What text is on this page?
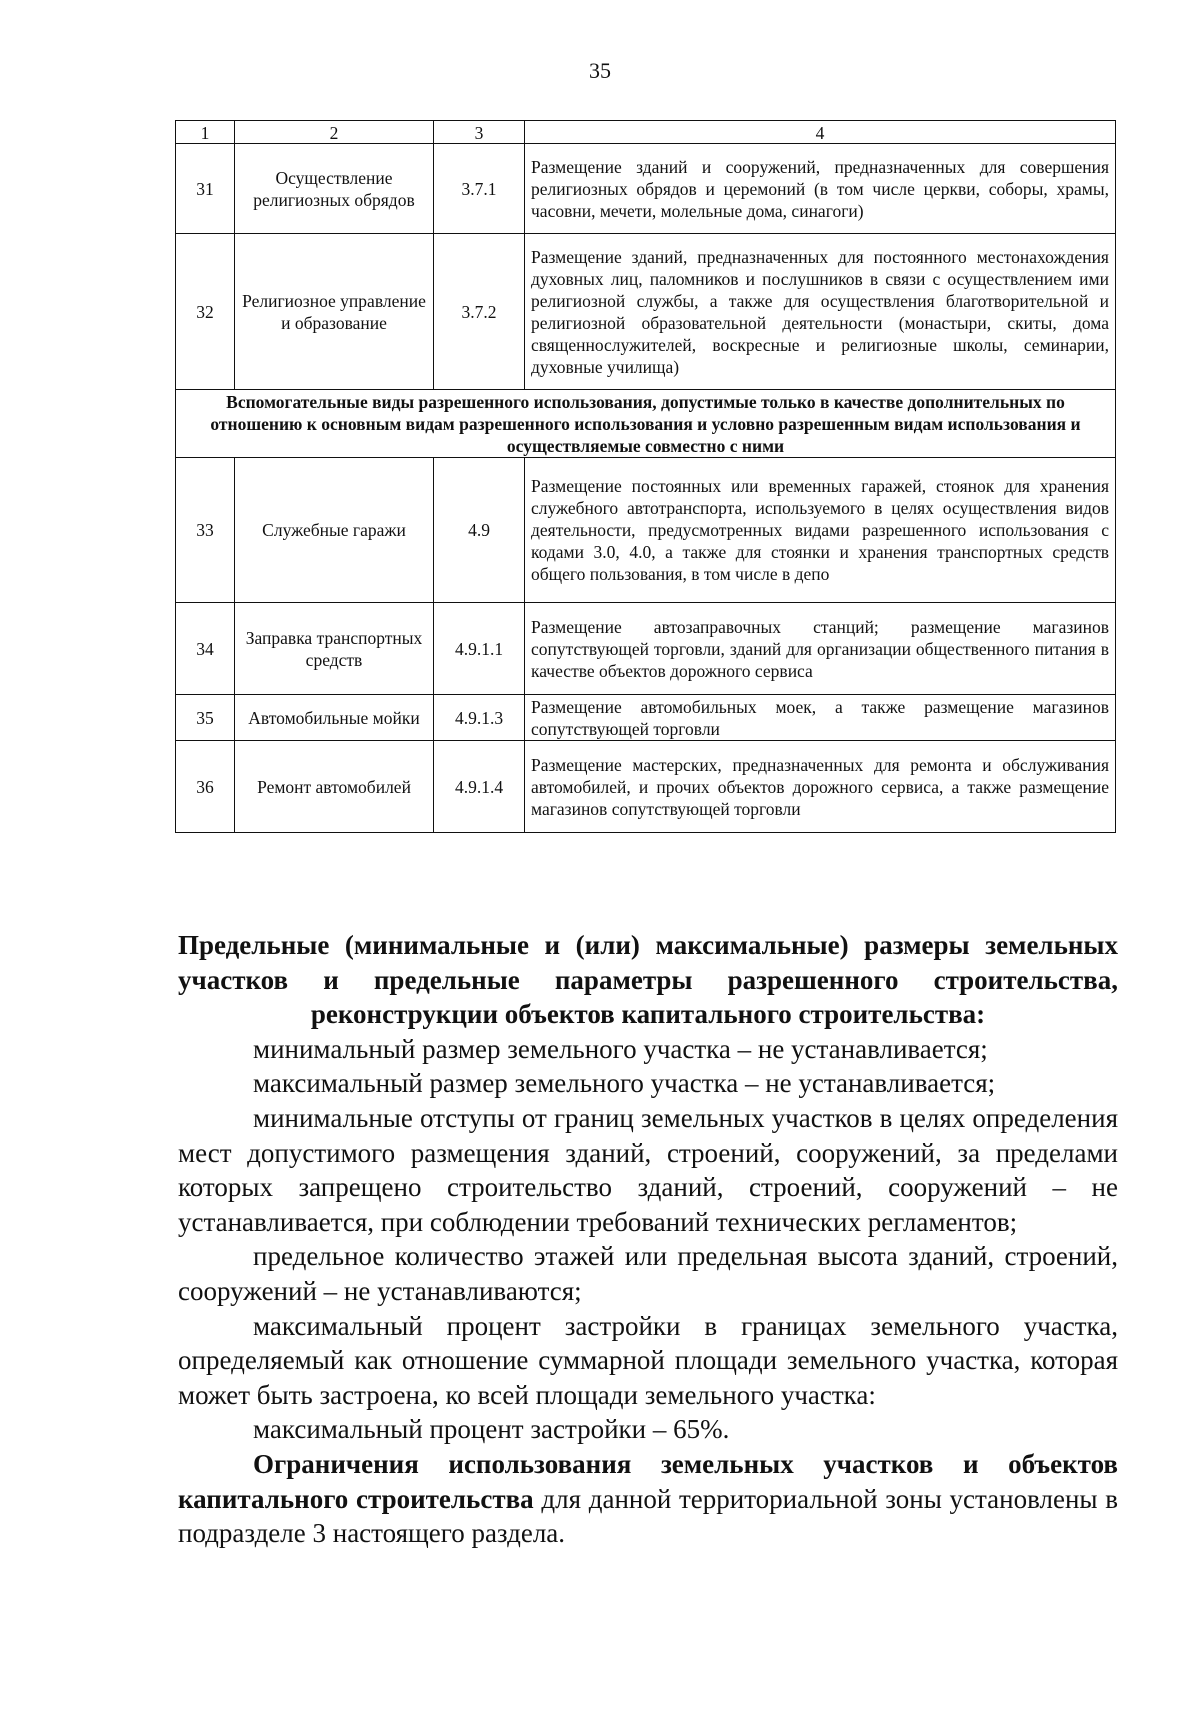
35
1	2	3	4
31	Осуществление религиозных обрядов	3.7.1	Размещение зданий и сооружений, предназначенных для совершения религиозных обрядов и церемоний (в том числе церкви, соборы, храмы, часовни, мечети, молельные дома, синагоги)

32	Религиозное управление и образование	3.7.2	Размещение зданий, предназначенных для постоянного местонахождения духовных лиц, паломников и послушников в связи с осуществлением ими религиозной службы, а также для осуществления благотворительной и религиозной образовательной деятельности (монастыри, скиты, дома священнослужителей, воскресные и религиозные школы, семинарии, духовные училища)

Вспомогательные виды разрешенного использования, допустимые только в качестве дополнительных по отношению к основным видам разрешенного использования и условно разрешенным видам использования и осуществляемые совместно с ними			
33	Служебные гаражи	4.9	Размещение постоянных или временных гаражей, стоянок для хранения служебного автотранспорта, используемого в целях осуществления видов деятельности, предусмотренных видами разрешенного использования с кодами 3.0, 4.0, а также для стоянки и хранения транспортных средств общего пользования, в том числе в депо

34	Заправка транспортных средств	4.9.1.1	Размещение автозаправочных станций; размещение магазинов сопутствующей торговли, зданий для организации общественного питания в качестве объектов дорожного сервиса

35	Автомобильные мойки	4.9.1.3	Размещение автомобильных моек, а также размещение магазинов сопутствующей торговли

36	Ремонт автомобилей	4.9.1.4	Размещение мастерских, предназначенных для ремонта и обслуживания автомобилей, и прочих объектов дорожного сервиса, а также размещение магазинов сопутствующей торговли

Предельные (минимальные и (или) максимальные) размеры земельных участков и предельные параметры разрешенного строительства, реконструкции объектов капитального строительства:

минимальный размер земельного участка – не устанавливается;

максимальный размер земельного участка – не устанавливается;

минимальные отступы от границ земельных участков в целях определения мест допустимого размещения зданий, строений, сооружений, за пределами которых запрещено строительство зданий, строений, сооружений – не устанавливается, при соблюдении требований технических регламентов;

предельное количество этажей или предельная высота зданий, строений, сооружений – не устанавливаются;

максимальный процент застройки в границах земельного участка, определяемый как отношение суммарной площади земельного участка, которая может быть застроена, ко всей площади земельного участка:

максимальный процент застройки – 65%.

Ограничения использования земельных участков и объектов капитального строительства для данной территориальной зоны установлены в подразделе 3 настоящего раздела.
